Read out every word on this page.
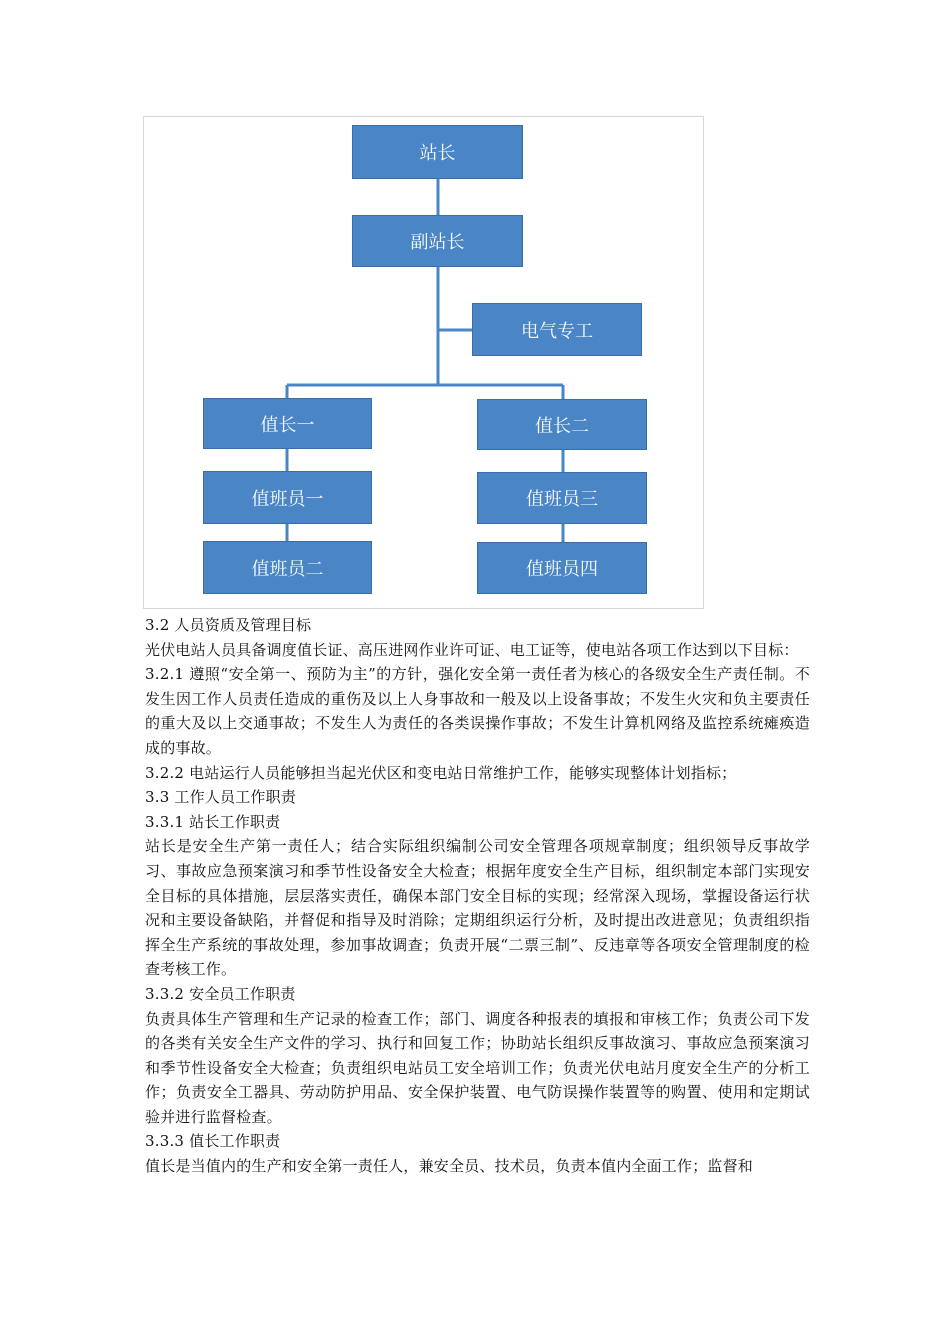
站长
副站长
电气专工
值长一	值长二
值班员一	值班员三
值班员二	值班员四

3.2 人员资质及管理目标

光伏电站人员具备调度值长证、高压进网作业许可证、电工证等，使电站各项工作达到以下目标：

3.2.1 遵照“安全第一、预防为主”的方针，强化安全第一责任者为核心的各级安全生产责任制。不发生因工作人员责任造成的重伤及以上人身事故和一般及以上设备事故；不发生火灾和负主要责任的重大及以上交通事故；不发生人为责任的各类误操作事故；不发生计算机网络及监控系统瘫痪造成的事故。

3.2.2 电站运行人员能够担当起光伏区和变电站日常维护工作，能够实现整体计划指标；

3.3 工作人员工作职责

3.3.1 站长工作职责

站长是安全生产第一责任人；结合实际组织编制公司安全管理各项规章制度；组织领导反事故学习、事故应急预案演习和季节性设备安全大检查；根据年度安全生产目标，组织制定本部门实现安全目标的具体措施，层层落实责任，确保本部门安全目标的实现；经常深入现场，掌握设备运行状况和主要设备缺陷，并督促和指导及时消除；定期组织运行分析，及时提出改进意见；负责组织指挥全生产系统的事故处理，参加事故调查；负责开展“二票三制”、反违章等各项安全管理制度的检查考核工作。

3.3.2 安全员工作职责

负责具体生产管理和生产记录的检查工作；部门、调度各种报表的填报和审核工作；负责公司下发的各类有关安全生产文件的学习、执行和回复工作；协助站长组织反事故演习、事故应急预案演习和季节性设备安全大检查；负责组织电站员工安全培训工作；负责光伏电站月度安全生产的分析工作；负责安全工器具、劳动防护用品、安全保护装置、电气防误操作装置等的购置、使用和定期试验并进行监督检查。

3.3.3 值长工作职责

值长是当值内的生产和安全第一责任人，兼安全员、技术员，负责本值内全面工作；监督和
